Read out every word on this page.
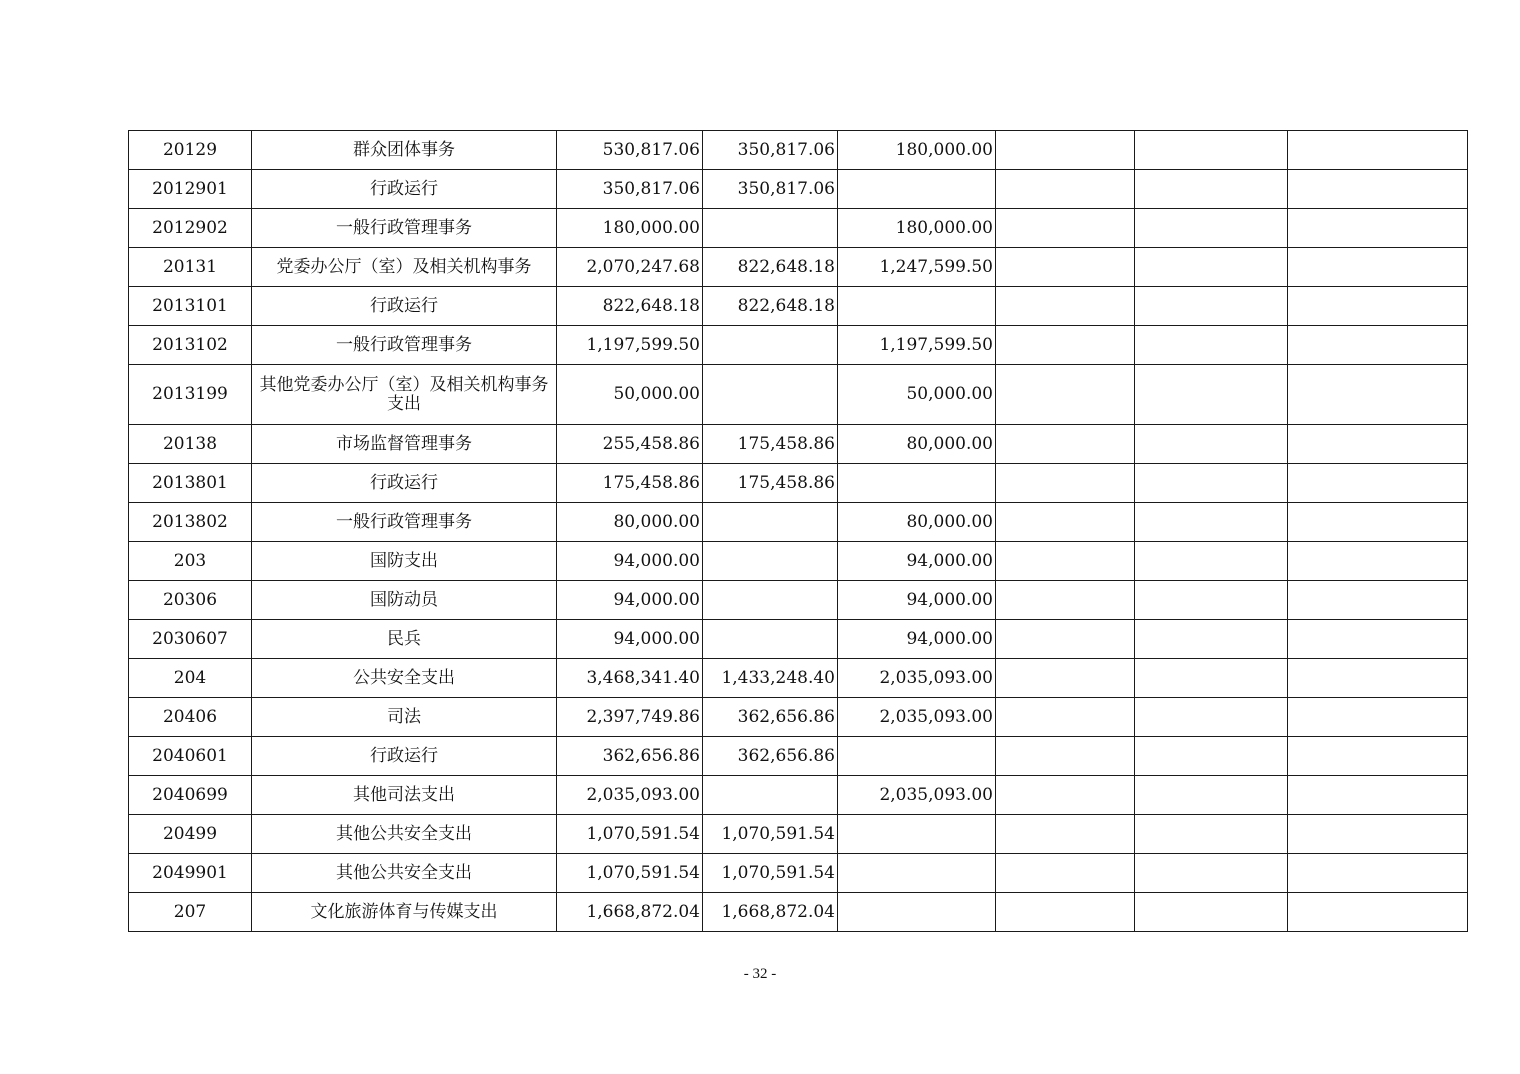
20129	群众团体事务	530,817.06	350,817.06	180,000.00			
2012901	行政运行	350,817.06	350,817.06				
2012902	一般行政管理事务	180,000.00		180,000.00			
20131	党委办公厅（室）及相关机构事务	2,070,247.68	822,648.18	1,247,599.50			
2013101	行政运行	822,648.18	822,648.18				
2013102	一般行政管理事务	1,197,599.50		1,197,599.50			
2013199	其他党委办公厅（室）及相关机构事务支出	50,000.00		50,000.00			
20138	市场监督管理事务	255,458.86	175,458.86	80,000.00			
2013801	行政运行	175,458.86	175,458.86				
2013802	一般行政管理事务	80,000.00		80,000.00			
203	国防支出	94,000.00		94,000.00			
20306	国防动员	94,000.00		94,000.00			
2030607	民兵	94,000.00		94,000.00			
204	公共安全支出	3,468,341.40	1,433,248.40	2,035,093.00			
20406	司法	2,397,749.86	362,656.86	2,035,093.00			
2040601	行政运行	362,656.86	362,656.86				
2040699	其他司法支出	2,035,093.00		2,035,093.00			
20499	其他公共安全支出	1,070,591.54	1,070,591.54				
2049901	其他公共安全支出	1,070,591.54	1,070,591.54				
207	文化旅游体育与传媒支出	1,668,872.04	1,668,872.04				
- 32 -
